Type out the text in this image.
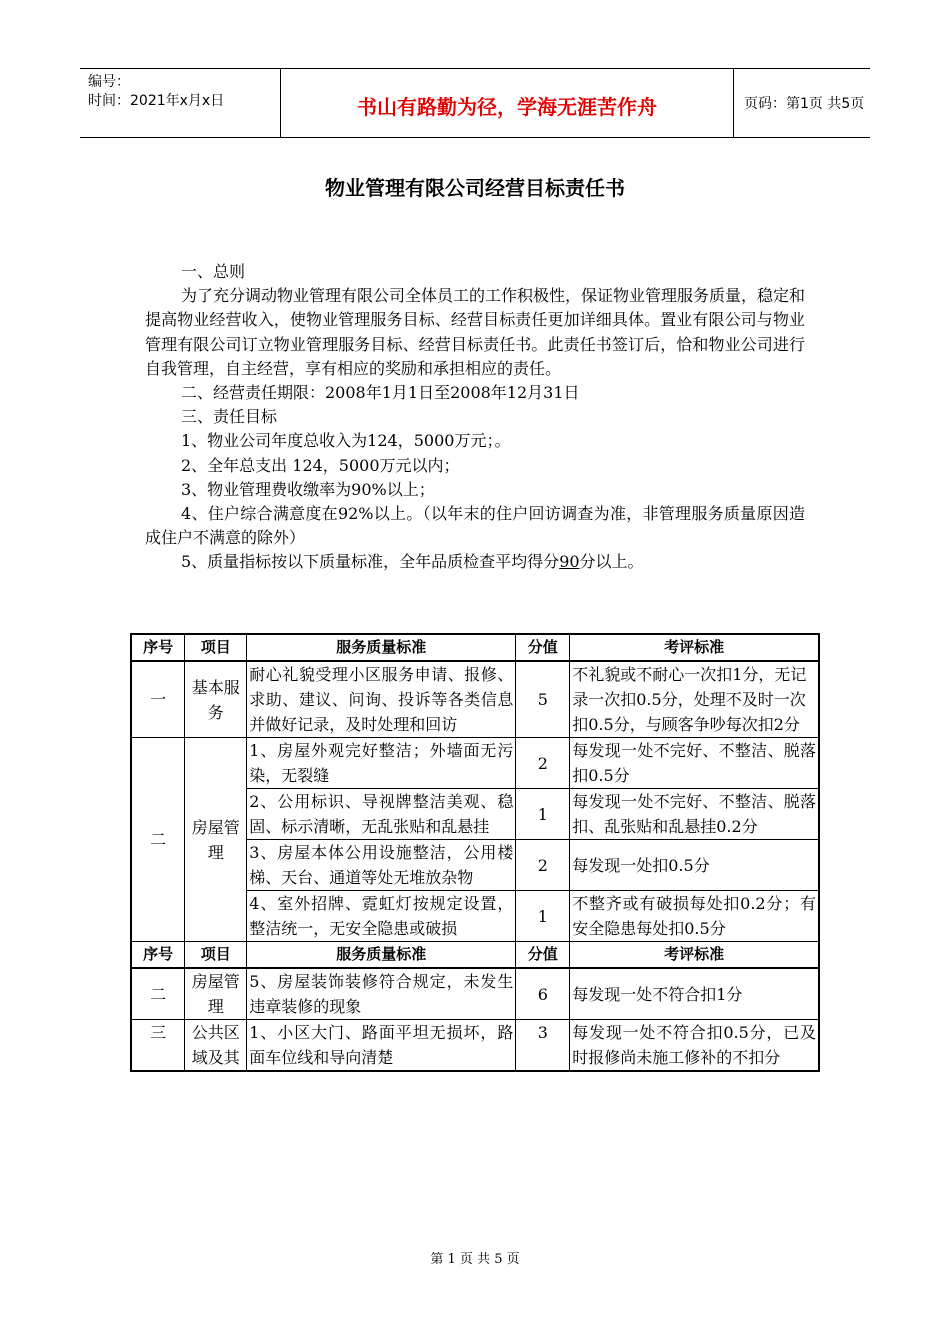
编号：
时间：2021年x月x日	书山有路勤为径，学海无涯苦作舟	页码：第1页 共5页
物业管理有限公司经营目标责任书

一、总则

为了充分调动物业管理有限公司全体员工的工作积极性，保证物业管理服务质量，稳定和提高物业经营收入，使物业管理服务目标、经营目标责任更加详细具体。置业有限公司与物业管理有限公司订立物业管理服务目标、经营目标责任书。此责任书签订后，恰和物业公司进行自我管理，自主经营，享有相应的奖励和承担相应的责任。

二、经营责任期限：2008年1月1日至2008年12月31日

三、责任目标

1、物业公司年度总收入为124，5000万元；。

2、全年总支出 124，5000万元以内；

3、物业管理费收缴率为90%以上；

4、住户综合满意度在92%以上。（以年末的住户回访调查为准，非管理服务质量原因造成住户不满意的除外）

5、质量指标按以下质量标准，全年品质检查平均得分90分以上。

序号	项目	服务质量标准	分值	考评标准
一	基本服务	耐心礼貌受理小区服务申请、报修、求助、建议、问询、投诉等各类信息并做好记录，及时处理和回访	5	不礼貌或不耐心一次扣1分，无记录一次扣0.5分，处理不及时一次扣0.5分，与顾客争吵每次扣2分
二	房屋管理	1、房屋外观完好整洁；外墙面无污染，无裂缝	2	每发现一处不完好、不整洁、脱落扣0.5分
		2、公用标识、导视牌整洁美观、稳固、标示清晰，无乱张贴和乱悬挂	1	每发现一处不完好、不整洁、脱落扣、乱张贴和乱悬挂0.2分
		3、房屋本体公用设施整洁，公用楼梯、天台、通道等处无堆放杂物	2	每发现一处扣0.5分
		4、室外招牌、霓虹灯按规定设置，整洁统一，无安全隐患或破损	1	不整齐或有破损每处扣0.2分；有安全隐患每处扣0.5分
序号	项目	服务质量标准	分值	考评标准
二	房屋管理	5、房屋装饰装修符合规定，未发生违章装修的现象	6	每发现一处不符合扣1分
三	公共区域及其	1、小区大门、路面平坦无损坏，路面车位线和导向清楚	3	每发现一处不符合扣0.5分，已及时报修尚未施工修补的不扣分
第 1 页 共 5 页
